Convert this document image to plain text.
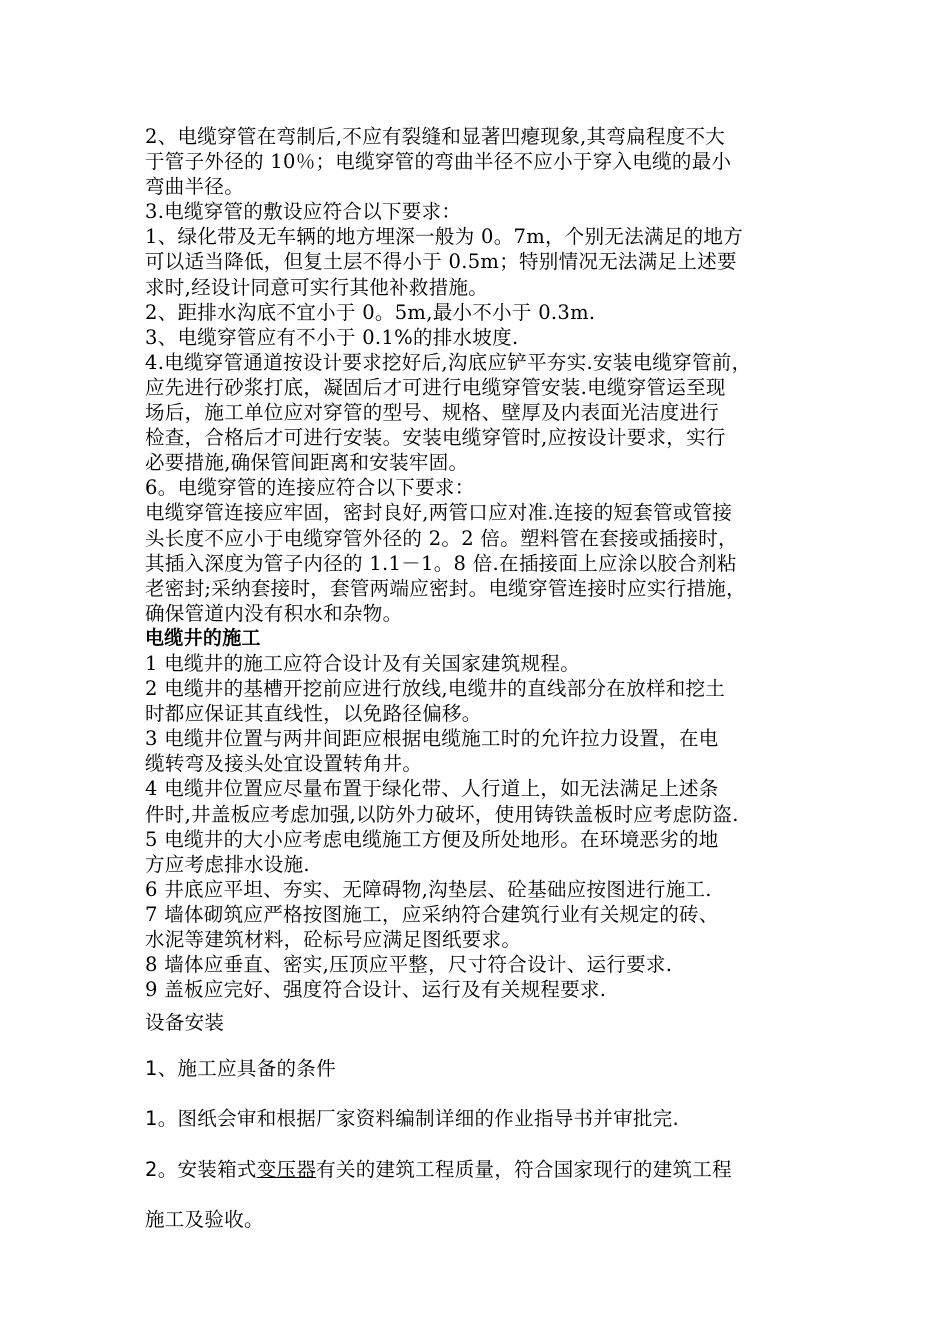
2、电缆穿管在弯制后,不应有裂缝和显著凹瘪现象,其弯扁程度不大
于管子外径的 10％；电缆穿管的弯曲半径不应小于穿入电缆的最小
弯曲半径。
3.电缆穿管的敷设应符合以下要求：
1、绿化带及无车辆的地方埋深一般为 0。7m，个别无法满足的地方
可以适当降低，但复土层不得小于 0.5m；特别情况无法满足上述要
求时,经设计同意可实行其他补救措施。
2、距排水沟底不宜小于 0。5m,最小不小于 0.3m.
3、电缆穿管应有不小于 0.1%的排水坡度.
4.电缆穿管通道按设计要求挖好后,沟底应铲平夯实.安装电缆穿管前，
应先进行砂浆打底，凝固后才可进行电缆穿管安装.电缆穿管运至现
场后，施工单位应对穿管的型号、规格、壁厚及内表面光洁度进行
检查，合格后才可进行安装。安装电缆穿管时,应按设计要求，实行
必要措施,确保管间距离和安装牢固。
6。电缆穿管的连接应符合以下要求：
电缆穿管连接应牢固，密封良好,两管口应对准.连接的短套管或管接
头长度不应小于电缆穿管外径的 2。2 倍。塑料管在套接或插接时，
其插入深度为管子内径的 1.1－1。8 倍.在插接面上应涂以胶合剂粘
老密封;采纳套接时，套管两端应密封。电缆穿管连接时应实行措施，
确保管道内没有积水和杂物。
电缆井的施工
1 电缆井的施工应符合设计及有关国家建筑规程。
2 电缆井的基槽开挖前应进行放线,电缆井的直线部分在放样和挖土
时都应保证其直线性，以免路径偏移。
3 电缆井位置与两井间距应根据电缆施工时的允许拉力设置，在电
缆转弯及接头处宜设置转角井。
4 电缆井位置应尽量布置于绿化带、人行道上，如无法满足上述条
件时,井盖板应考虑加强,以防外力破坏，使用铸铁盖板时应考虑防盗.
5 电缆井的大小应考虑电缆施工方便及所处地形。在环境恶劣的地
方应考虑排水设施.
6 井底应平坦、夯实、无障碍物,沟垫层、砼基础应按图进行施工.
7 墙体砌筑应严格按图施工，应采纳符合建筑行业有关规定的砖、
水泥等建筑材料，砼标号应满足图纸要求。
8 墙体应垂直、密实,压顶应平整，尺寸符合设计、运行要求.
9 盖板应完好、强度符合设计、运行及有关规程要求.
设备安装
1、施工应具备的条件
1。图纸会审和根据厂家资料编制详细的作业指导书并审批完.
2。安装箱式变压器有关的建筑工程质量，符合国家现行的建筑工程
施工及验收。
